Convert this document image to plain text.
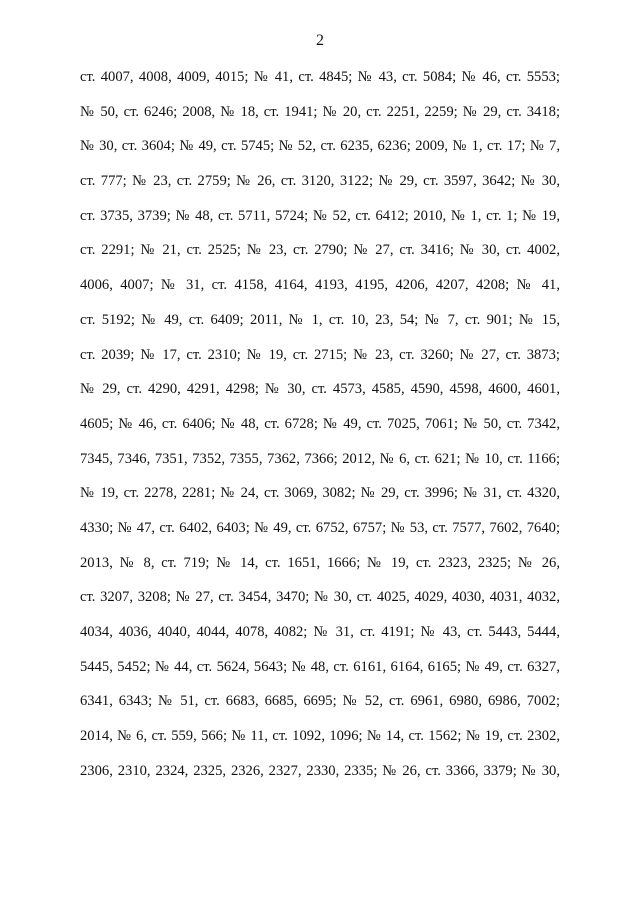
2
ст. 4007, 4008, 4009, 4015; № 41, ст. 4845; № 43, ст. 5084; № 46, ст. 5553;
№ 50, ст. 6246; 2008, № 18, ст. 1941; № 20, ст. 2251, 2259; № 29, ст. 3418;
№ 30, ст. 3604; № 49, ст. 5745; № 52, ст. 6235, 6236; 2009, № 1, ст. 17; № 7,
ст. 777; № 23, ст. 2759; № 26, ст. 3120, 3122; № 29, ст. 3597, 3642; № 30,
ст. 3735, 3739; № 48, ст. 5711, 5724; № 52, ст. 6412; 2010, № 1, ст. 1; № 19,
ст. 2291; № 21, ст. 2525; № 23, ст. 2790; № 27, ст. 3416; № 30, ст. 4002,
4006, 4007; № 31, ст. 4158, 4164, 4193, 4195, 4206, 4207, 4208; № 41,
ст. 5192; № 49, ст. 6409; 2011, № 1, ст. 10, 23, 54; № 7, ст. 901; № 15,
ст. 2039; № 17, ст. 2310; № 19, ст. 2715; № 23, ст. 3260; № 27, ст. 3873;
№ 29, ст. 4290, 4291, 4298; № 30, ст. 4573, 4585, 4590, 4598, 4600, 4601,
4605; № 46, ст. 6406; № 48, ст. 6728; № 49, ст. 7025, 7061; № 50, ст. 7342,
7345, 7346, 7351, 7352, 7355, 7362, 7366; 2012, № 6, ст. 621; № 10, ст. 1166;
№ 19, ст. 2278, 2281; № 24, ст. 3069, 3082; № 29, ст. 3996; № 31, ст. 4320,
4330; № 47, ст. 6402, 6403; № 49, ст. 6752, 6757; № 53, ст. 7577, 7602, 7640;
2013, № 8, ст. 719; № 14, ст. 1651, 1666; № 19, ст. 2323, 2325; № 26,
ст. 3207, 3208; № 27, ст. 3454, 3470; № 30, ст. 4025, 4029, 4030, 4031, 4032,
4034, 4036, 4040, 4044, 4078, 4082; № 31, ст. 4191; № 43, ст. 5443, 5444,
5445, 5452; № 44, ст. 5624, 5643; № 48, ст. 6161, 6164, 6165; № 49, ст. 6327,
6341, 6343; № 51, ст. 6683, 6685, 6695; № 52, ст. 6961, 6980, 6986, 7002;
2014, № 6, ст. 559, 566; № 11, ст. 1092, 1096; № 14, ст. 1562; № 19, ст. 2302,
2306, 2310, 2324, 2325, 2326, 2327, 2330, 2335; № 26, ст. 3366, 3379; № 30,
